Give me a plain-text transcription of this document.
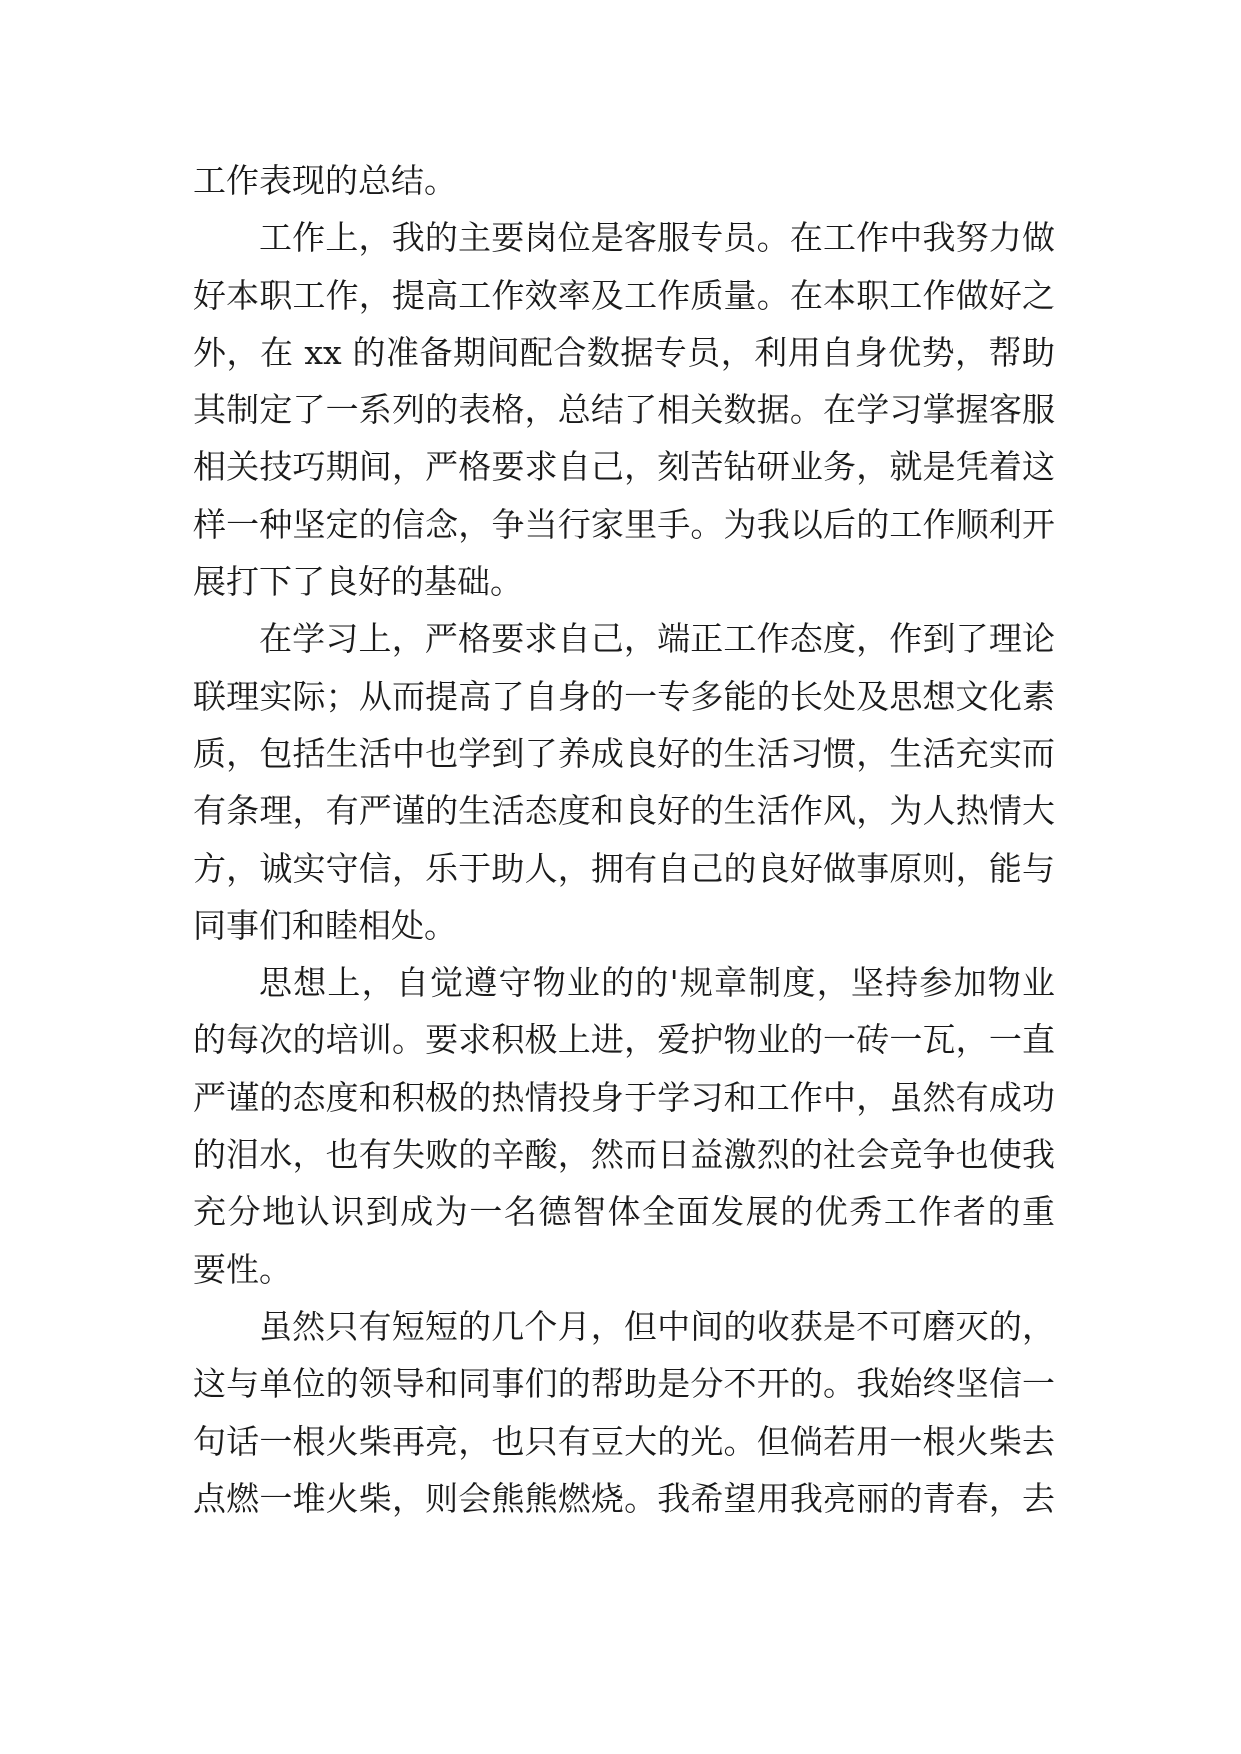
工作表现的总结。
工作上，我的主要岗位是客服专员。在工作中我努力做
好本职工作，提高工作效率及工作质量。在本职工作做好之
外，在 xx 的准备期间配合数据专员，利用自身优势，帮助
其制定了一系列的表格，总结了相关数据。在学习掌握客服
相关技巧期间，严格要求自己，刻苦钻研业务，就是凭着这
样一种坚定的信念，争当行家里手。为我以后的工作顺利开
展打下了良好的基础。
在学习上，严格要求自己，端正工作态度，作到了理论
联理实际；从而提高了自身的一专多能的长处及思想文化素
质，包括生活中也学到了养成良好的生活习惯，生活充实而
有条理，有严谨的生活态度和良好的生活作风，为人热情大
方，诚实守信，乐于助人，拥有自己的良好做事原则，能与
同事们和睦相处。
思想上，自觉遵守物业的的'规章制度，坚持参加物业
的每次的培训。要求积极上进，爱护物业的一砖一瓦，一直
严谨的态度和积极的热情投身于学习和工作中，虽然有成功
的泪水，也有失败的辛酸，然而日益激烈的社会竞争也使我
充分地认识到成为一名德智体全面发展的优秀工作者的重
要性。
虽然只有短短的几个月，但中间的收获是不可磨灭的，
这与单位的领导和同事们的帮助是分不开的。我始终坚信一
句话一根火柴再亮，也只有豆大的光。但倘若用一根火柴去
点燃一堆火柴，则会熊熊燃烧。我希望用我亮丽的青春，去
